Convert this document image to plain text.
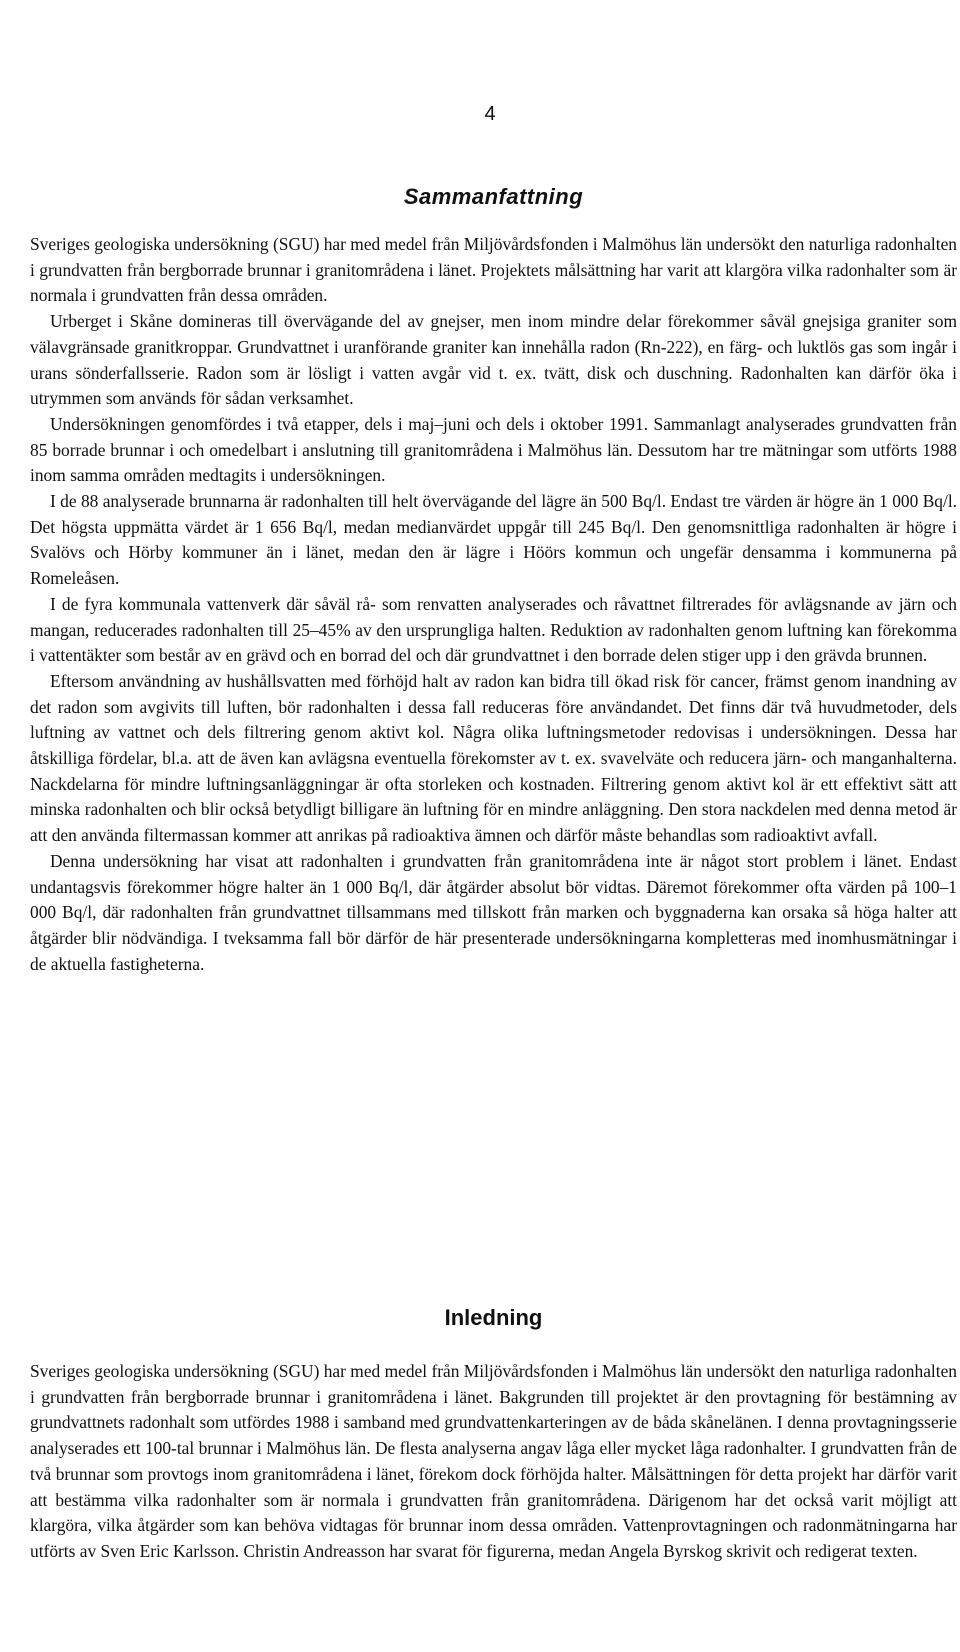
4
Sammanfattning

Sveriges geologiska undersökning (SGU) har med medel från Miljövårdsfonden i Malmöhus län undersökt den naturliga radonhalten i grundvatten från bergborrade brunnar i granitområdena i länet. Projektets målsättning har varit att klargöra vilka radonhalter som är normala i grundvatten från dessa områden.

Urberget i Skåne domineras till övervägande del av gnejser, men inom mindre delar förekommer såväl gnejsiga graniter som välavgränsade granitkroppar. Grundvattnet i uranförande graniter kan innehålla radon (Rn-222), en färg- och luktlös gas som ingår i urans sönderfallsserie. Radon som är lösligt i vatten avgår vid t. ex. tvätt, disk och duschning. Radonhalten kan därför öka i utrymmen som används för sådan verksamhet.

Undersökningen genomfördes i två etapper, dels i maj–juni och dels i oktober 1991. Sammanlagt analyserades grundvatten från 85 borrade brunnar i och omedelbart i anslutning till granitområdena i Malmöhus län. Dessutom har tre mätningar som utförts 1988 inom samma områden medtagits i undersökningen.

I de 88 analyserade brunnarna är radonhalten till helt övervägande del lägre än 500 Bq/l. Endast tre värden är högre än 1 000 Bq/l. Det högsta uppmätta värdet är 1 656 Bq/l, medan medianvärdet uppgår till 245 Bq/l. Den genomsnittliga radonhalten är högre i Svalövs och Hörby kommuner än i länet, medan den är lägre i Höörs kommun och ungefär densamma i kommunerna på Romeleåsen.

I de fyra kommunala vattenverk där såväl rå- som renvatten analyserades och råvattnet filtrerades för avlägsnande av järn och mangan, reducerades radonhalten till 25–45% av den ursprungliga halten. Reduktion av radonhalten genom luftning kan förekomma i vattentäkter som består av en grävd och en borrad del och där grundvattnet i den borrade delen stiger upp i den grävda brunnen.

Eftersom användning av hushållsvatten med förhöjd halt av radon kan bidra till ökad risk för cancer, främst genom inandning av det radon som avgivits till luften, bör radonhalten i dessa fall reduceras före användandet. Det finns där två huvudmetoder, dels luftning av vattnet och dels filtrering genom aktivt kol. Några olika luftningsmetoder redovisas i undersökningen. Dessa har åtskilliga fördelar, bl.a. att de även kan avlägsna eventuella förekomster av t. ex. svavelväte och reducera järn- och manganhalterna. Nackdelarna för mindre luftningsanläggningar är ofta storleken och kostnaden. Filtrering genom aktivt kol är ett effektivt sätt att minska radonhalten och blir också betydligt billigare än luftning för en mindre anläggning. Den stora nackdelen med denna metod är att den använda filtermassan kommer att anrikas på radioaktiva ämnen och därför måste behandlas som radioaktivt avfall.

Denna undersökning har visat att radonhalten i grundvatten från granitområdena inte är något stort problem i länet. Endast undantagsvis förekommer högre halter än 1 000 Bq/l, där åtgärder absolut bör vidtas. Däremot förekommer ofta värden på 100–1 000 Bq/l, där radonhalten från grundvattnet tillsammans med tillskott från marken och byggnaderna kan orsaka så höga halter att åtgärder blir nödvändiga. I tveksamma fall bör därför de här presenterade undersökningarna kompletteras med inomhusmätningar i de aktuella fastigheterna.

Inledning

Sveriges geologiska undersökning (SGU) har med medel från Miljövårdsfonden i Malmöhus län undersökt den naturliga radonhalten i grundvatten från bergborrade brunnar i granitområdena i länet. Bakgrunden till projektet är den provtagning för bestämning av grundvattnets radonhalt som utfördes 1988 i samband med grundvattenkarteringen av de båda skånelänen. I denna provtagningsserie analyserades ett 100-tal brunnar i Malmöhus län. De flesta analyserna angav låga eller mycket låga radonhalter. I grundvatten från de två brunnar som provtogs inom granitområdena i länet, förekom dock förhöjda halter. Målsättningen för detta projekt har därför varit att bestämma vilka radonhalter som är normala i grundvatten från granitområdena. Därigenom har det också varit möjligt att klargöra, vilka åtgärder som kan behöva vidtagas för brunnar inom dessa områden. Vattenprovtagningen och radonmätningarna har utförts av Sven Eric Karlsson. Christin Andreasson har svarat för figurerna, medan Angela Byrskog skrivit och redigerat texten.
